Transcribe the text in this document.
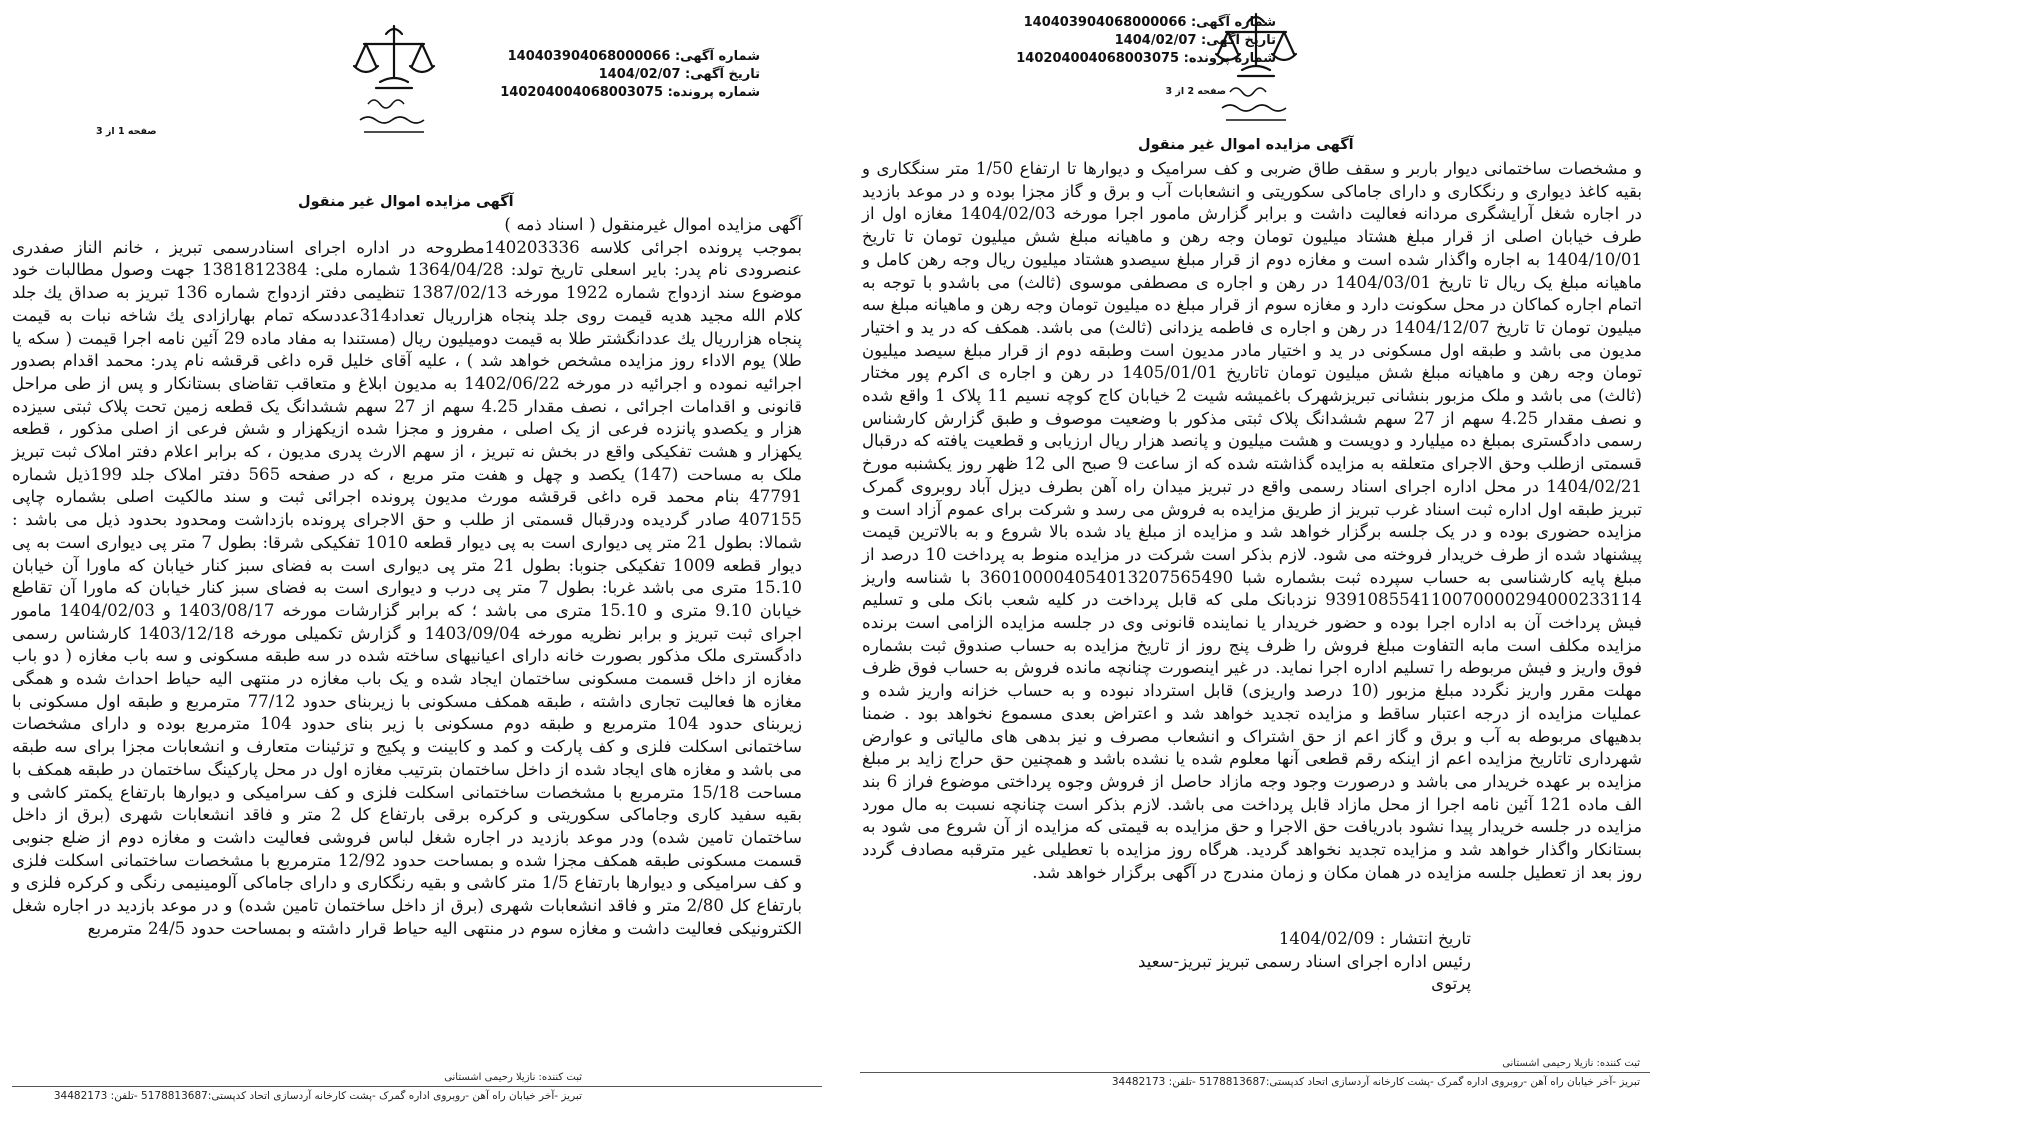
شماره آگهی: 140403904068000066
تاریخ آگهی: 1404/02/07
شماره پرونده: 140204004068003075
صفحه 2 از 3
آگهی مزایده اموال غیر منقول

و مشخصات ساختمانی دیوار باربر و سقف طاق ضربی و کف سرامیک و دیوارها تا ارتفاع 1/50 متر سنگکاری و بقیه کاغذ دیواری و رنگکاری و دارای جاماکی سکوریتی و انشعابات آب و برق و گاز مجزا بوده و در موعد بازدید در اجاره شغل آرایشگری مردانه فعالیت داشت و برابر گزارش مامور اجرا مورخه 1404/02/03 مغازه اول از طرف خیابان اصلی از قرار مبلغ هشتاد میلیون تومان وجه رهن و ماهیانه مبلغ شش میلیون تومان تا تاریخ 1404/10/01 به اجاره واگذار شده است و مغازه دوم از قرار مبلغ سیصدو هشتاد میلیون ریال وجه رهن کامل و ماهیانه مبلغ یک ریال تا تاریخ 1404/03/01 در رهن و اجاره ی مصطفی موسوی (ثالث) می باشدو با توجه به اتمام اجاره کماکان در محل سکونت دارد و مغازه سوم از قرار مبلغ ده میلیون تومان وجه رهن و ماهیانه مبلغ سه میلیون تومان تا تاریخ 1404/12/07 در رهن و اجاره ی فاطمه یزدانی (ثالث) می باشد. همکف که در ید و اختیار مدیون می باشد و طبقه اول مسکونی در ید و اختیار مادر مدیون است وطبقه دوم از قرار مبلغ سیصد میلیون تومان وجه رهن و ماهیانه مبلغ شش میلیون تومان تاتاریخ 1405/01/01 در رهن و اجاره ی اکرم پور مختار (ثالث) می باشد و ملک مزبور بنشانی تبریزشهرک باغمیشه شیت 2 خیابان کاج کوچه نسیم 11 پلاک 1 واقع شده و نصف مقدار 4.25 سهم از 27 سهم ششدانگ پلاک ثبتی مذکور با وضعیت موصوف و طبق گزارش کارشناس رسمی دادگستری بمبلغ ده میلیارد و دویست و هشت میلیون و پانصد هزار ریال ارزیابی و قطعیت یافته که درقبال قسمتی ازطلب وحق الاجرای متعلقه به مزایده گذاشته شده که از ساعت 9 صبح الی 12 ظهر روز یکشنبه مورخ 1404/02/21 در محل اداره اجرای اسناد رسمی واقع در تبریز میدان راه آهن بطرف دیزل آباد روبروی گمرک تبریز طبقه اول اداره ثبت اسناد غرب تبریز از طریق مزایده به فروش می رسد و شرکت برای عموم آزاد است و مزایده حضوری بوده و در یک جلسه برگزار خواهد شد و مزایده از مبلغ یاد شده بالا شروع و به بالاترین قیمت پیشنهاد شده از طرف خریدار فروخته می شود. لازم بذکر است شرکت در مزایده منوط به پرداخت 10 درصد از مبلغ پایه کارشناسی به حساب سپرده ثبت بشماره شبا 360100004054013207565490 با شناسه واریز 939108554110070000294000233114 نزدبانک ملی که قابل پرداخت در کلیه شعب بانک ملی و تسلیم فیش پرداخت آن به اداره اجرا بوده و حضور خریدار یا نماینده قانونی وی در جلسه مزایده الزامی است برنده مزایده مکلف است مابه التفاوت مبلغ فروش را ظرف پنج روز از تاریخ مزایده به حساب صندوق ثبت بشماره فوق واریز و فیش مربوطه را تسلیم اداره اجرا نماید. در غیر اینصورت چنانچه مانده فروش به حساب فوق ظرف مهلت مقرر واریز نگردد مبلغ مزبور (10 درصد واریزی) قابل استرداد نبوده و به حساب خزانه واریز شده و عملیات مزایده از درجه اعتبار ساقط و مزایده تجدید خواهد شد و اعتراض بعدی مسموع نخواهد بود . ضمنا بدهیهای مربوطه به آب و برق و گاز اعم از حق اشتراک و انشعاب مصرف و نیز بدهی های مالیاتی و عوارض شهرداری تاتاریخ مزایده اعم از اینکه رقم قطعی آنها معلوم شده یا نشده باشد و همچنین حق حراج زاید بر مبلغ مزایده بر عهده خریدار می باشد و درصورت وجود وجه مازاد حاصل از فروش وجوه پرداختی موضوع فراز 6 بند الف ماده 121 آئین نامه اجرا از محل مازاد قابل پرداخت می باشد. لازم بذکر است چنانچه نسبت به مال مورد مزایده در جلسه خریدار پیدا نشود بادریافت حق الاجرا و حق مزایده به قیمتی که مزایده از آن شروع می شود به بستانکار واگذار خواهد شد و مزایده تجدید نخواهد گردید. هرگاه روز مزایده با تعطیلی غیر مترقبه مصادف گردد روز بعد از تعطیل جلسه مزایده در همان مکان و زمان مندرج در آگهی برگزار خواهد شد.

تاریخ انتشار : 1404/02/09
رئیس اداره اجرای اسناد رسمی تبریز تبریز-سعید
پرتوی
ثبت کننده: نازیلا رحیمی اشستانی
تبریز -آخر خیابان راه آهن -روبروی اداره گمرک -پشت کارخانه آردسازی اتحاد کدپستی:5178813687 -تلفن: 34482173
شماره آگهی: 140403904068000066
تاریخ آگهی: 1404/02/07
شماره پرونده: 140204004068003075
صفحه 1 از 3
آگهی مزایده اموال غیر منقول

آگهی مزایده اموال غیرمنقول ( اسناد ذمه )

بموجب پرونده اجرائی کلاسه 140203336مطروحه در اداره اجرای اسنادرسمی تبریز ، خانم الناز صفدری عنصرودی نام پدر: بایر اسعلی تاریخ تولد: 1364/04/28 شماره ملی: 1381812384 جهت وصول مطالبات خود موضوع سند ازدواج شماره 1922 مورخه 1387/02/13 تنظیمی دفتر ازدواج شماره 136 تبریز به صداق یك جلد کلام الله مجید هدیه قیمت روی جلد پنجاه هزارریال تعداد314عددسکه تمام بهارازادی یك شاخه نبات به قیمت پنجاه هزارریال یك عددانگشتر طلا به قیمت دومیلیون ریال (مستندا به مفاد ماده 29 آئین نامه اجرا قیمت ( سکه یا طلا) یوم الاداء روز مزایده مشخص خواهد شد ) ، علیه آقای خلیل قره داغی قرقشه نام پدر: محمد اقدام بصدور اجرائیه نموده و اجرائیه در مورخه 1402/06/22 به مدیون ابلاغ و متعاقب تقاضای بستانکار و پس از طی مراحل قانونی و اقدامات اجرائی ، نصف مقدار 4.25 سهم از 27 سهم ششدانگ یک قطعه زمین تحت پلاک ثبتی سیزده هزار و یکصدو پانزده فرعی از یک اصلی ، مفروز و مجزا شده ازیکهزار و شش فرعی از اصلی مذکور ، قطعه یکهزار و هشت تفکیکی واقع در بخش نه تبریز ، از سهم الارث پدری مدیون ، که برابر اعلام دفتر املاک ثبت تبریز ملک به مساحت (147) یکصد و چهل و هفت متر مربع ، که در صفحه 565 دفتر املاک جلد 199ذیل شماره 47791 بنام محمد قره داغی قرقشه مورث مدیون پرونده اجرائی ثبت و سند مالکیت اصلی بشماره چاپی 407155 صادر گردیده ودرقبال قسمتی از طلب و حق الاجرای پرونده بازداشت ومحدود بحدود ذیل می باشد : شمالا: بطول 21 متر پی دیواری است به پی دیوار قطعه 1010 تفکیکی شرقا: بطول 7 متر پی دیواری است به پی دیوار قطعه 1009 تفکیکی جنوبا: بطول 21 متر پی دیواری است به فضای سبز کنار خیابان که ماورا آن خیابان 15.10 متری می باشد غربا: بطول 7 متر پی درب و دیواری است به فضای سبز کنار خیابان که ماورا آن تقاطع خیابان 9.10 متری و 15.10 متری می باشد ؛ که برابر گزارشات مورخه 1403/08/17 و 1404/02/03 مامور اجرای ثبت تبریز و برابر نظریه مورخه 1403/09/04 و گزارش تکمیلی مورخه 1403/12/18 کارشناس رسمی دادگستری ملک مذکور بصورت خانه دارای اعیانیهای ساخته شده در سه طبقه مسکونی و سه باب مغازه ( دو باب مغازه از داخل قسمت مسکونی ساختمان ایجاد شده و یک باب مغازه در منتهی الیه حیاط احداث شده و همگی مغازه ها فعالیت تجاری داشته ، طبقه همکف مسکونی با زیربنای حدود 77/12 مترمربع و طبقه اول مسکونی با زیربنای حدود 104 مترمربع و طبقه دوم مسکونی با زیر بنای حدود 104 مترمربع بوده و دارای مشخصات ساختمانی اسکلت فلزی و کف پارکت و کمد و کابینت و پکیج و تزئینات متعارف و انشعابات مجزا برای سه طبقه می باشد و مغازه های ایجاد شده از داخل ساختمان بترتیب مغازه اول در محل پارکینگ ساختمان در طبقه همکف با مساحت 15/18 مترمربع با مشخصات ساختمانی اسکلت فلزی و کف سرامیکی و دیوارها بارتفاع یکمتر کاشی و بقیه سفید کاری وجاماکی سکوریتی و کرکره برقی بارتفاع کل 2 متر و فاقد انشعابات شهری (برق از داخل ساختمان تامین شده) ودر موعد بازدید در اجاره شغل لباس فروشی فعالیت داشت و مغازه دوم از ضلع جنوبی قسمت مسکونی طبقه همکف مجزا شده و بمساحت حدود 12/92 مترمربع با مشخصات ساختمانی اسکلت فلزی و کف سرامیکی و دیوارها بارتفاع 1/5 متر کاشی و بقیه رنگکاری و دارای جاماکی آلومینیمی رنگی و کرکره فلزی و بارتفاع کل 2/80 متر و فاقد انشعابات شهری (برق از داخل ساختمان تامین شده) و در موعد بازدید در اجاره شغل الکترونیکی فعالیت داشت و مغازه سوم در منتهی الیه حیاط قرار داشته و بمساحت حدود 24/5 مترمربع

ثبت کننده: نازیلا رحیمی اشستانی
تبریز -آخر خیابان راه آهن -روبروی اداره گمرک -پشت کارخانه آردسازی اتحاد کدپستی:5178813687 -تلفن: 34482173
